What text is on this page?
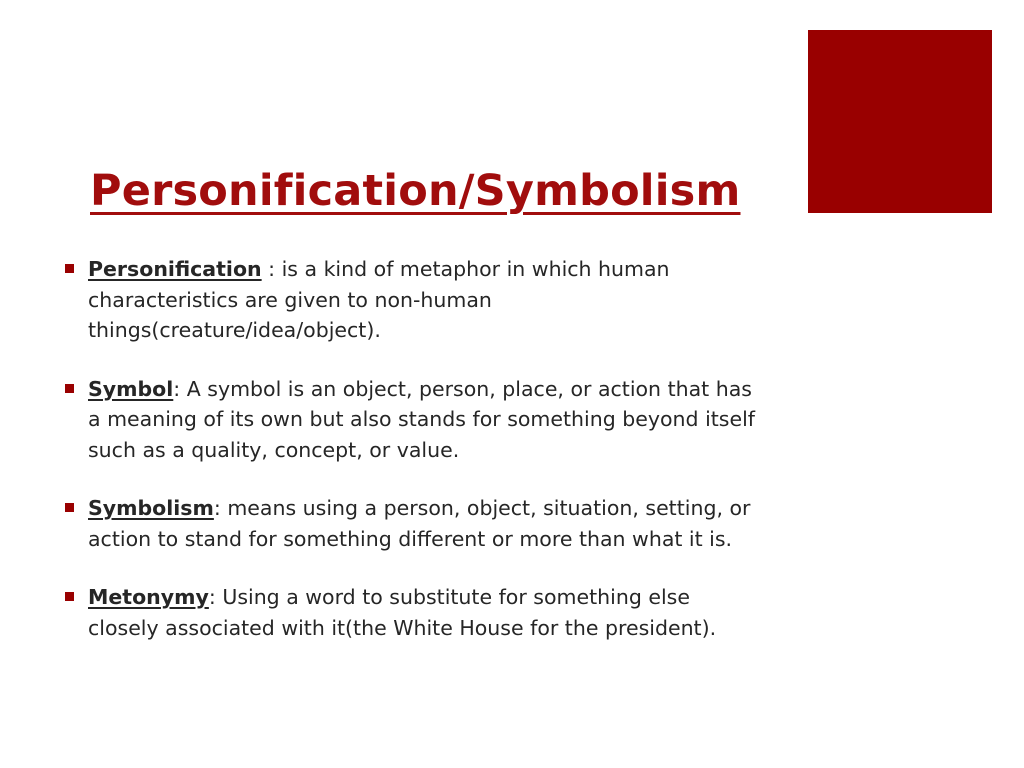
Personification/Symbolism
Personification : is a kind of metaphor in which human characteristics are given to non-human things(creature/idea/object).
Symbol: A symbol is an object, person, place, or action that has a meaning of its own but also stands for something beyond itself such as a quality, concept, or value.
Symbolism: means using a person, object, situation, setting, or action to stand for something different or more than what it is.
Metonymy: Using a word to substitute for something else closely associated with it(the White House for the president).
